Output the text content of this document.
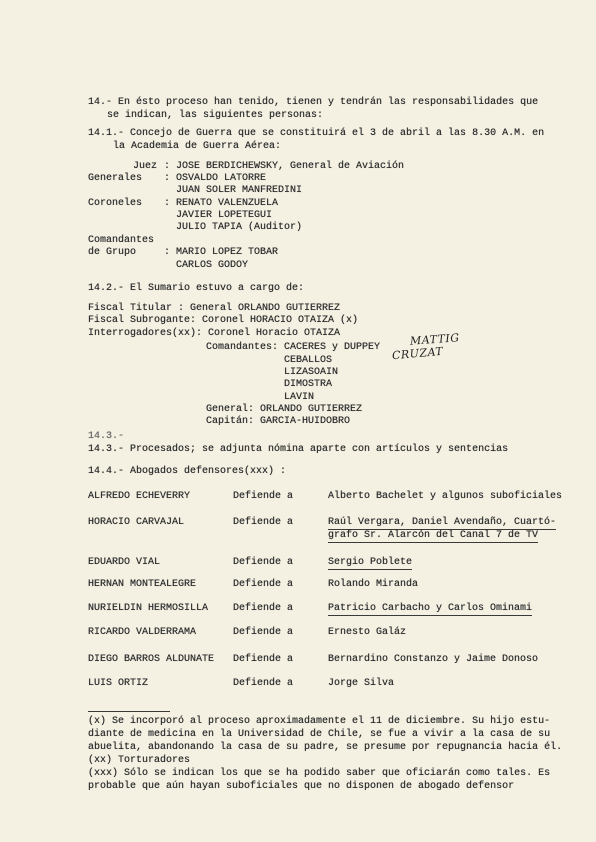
14.- En ésto proceso han tenido, tienen y tendrán las responsabilidades que
se indican, las siguientes personas:
14.1.- Concejo de Guerra que se constituirá el 3 de abril a las 8.30 A.M. en
la Academia de Guerra Aérea:
Juez : JOSE BERDICHEWSKY, General de Aviación
Generales : OSVALDO LATORRE
JUAN SOLER MANFREDINI
Coroneles : RENATO VALENZUELA
JAVIER LOPETEGUI
JULIO TAPIA (Auditor)
Comandantes
de Grupo	: MARIO LOPEZ TOBAR
CARLOS GODOY
14.2.- El Sumario estuvo a cargo de:
Fiscal Titular : General ORLANDO GUTIERREZ
Fiscal Subrogante: Coronel HORACIO OTAIZA (x)
Interrogadores(xx): Coronel Horacio OTAIZA
Comandantes: CACERES y DUPPEY	MATTIG
CRUZAT
CEBALLOS
LIZASOAIN
DIMOSTRA
LAVIN
General: ORLANDO GUTIERREZ
Capitán: GARCIA-HUIDOBRO
14.3.-
14.3.- Procesados; se adjunta nómina aparte con artículos y sentencias
14.4.- Abogados defensores(xxx) :
ALFREDO ECHEVERRY	Defiende a	Alberto Bachelet y algunos suboficiales
HORACIO CARVAJAL	Defiende a	Raúl Vergara, Daniel Avendaño, Cuartó-
grafo Sr. Alarcón del Canal 7 de TV
EDUARDO VIAL	Defiende a	Sergio Poblete
HERNAN MONTEALEGRE	Defiende a	Rolando Miranda
NURIELDIN HERMOSILLA Defiende a	Patricio Carbacho y Carlos Ominami
RICARDO VALDERRAMA	Defiende a	Ernesto Galáz
DIEGO BARROS ALDUNATE Defiende a	Bernardino Constanzo y Jaime Donoso
LUIS ORTIZ	Defiende a	Jorge Silva
(x) Se incorporó al proceso aproximadamente el 11 de diciembre. Su hijo estu-
diante de medicina en la Universidad de Chile, se fue a vivir a la casa de su
abuelita, abandonando la casa de su padre, se presume por repugnancia hacia él.
(xx) Torturadores
(xxx) Sólo se indican los que se ha podido saber que oficiarán como tales. Es
probable que aún hayan suboficiales que no disponen de abogado defensor
